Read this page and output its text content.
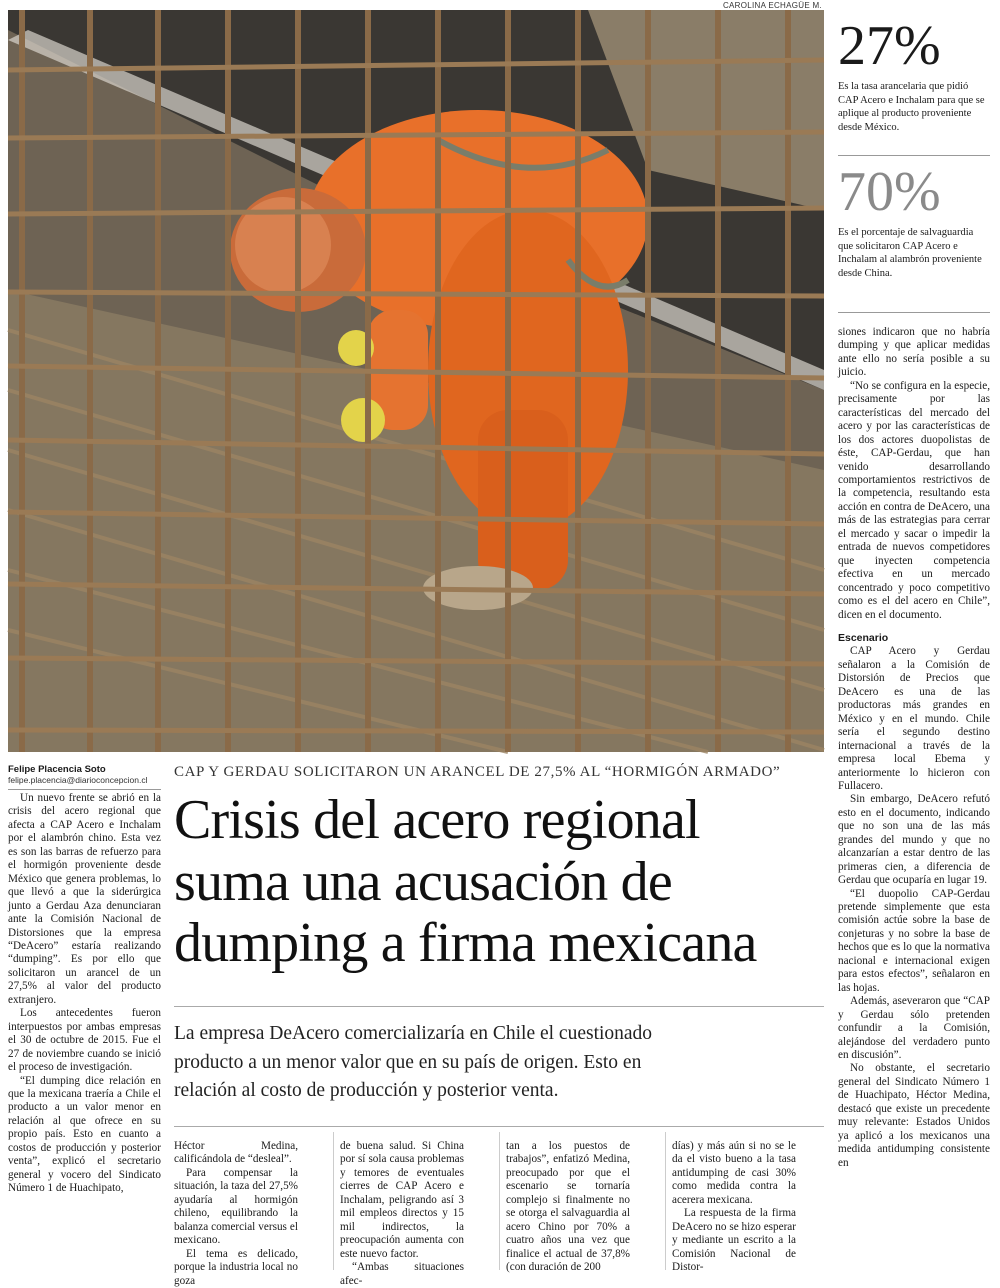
CAROLINA ECHAGÜE M.
27%
Es la tasa arancelaria que pidió CAP Acero e Inchalam para que se aplique al producto proveniente desde México.
70%
Es el porcentaje de salvaguardia que solicitaron CAP Acero e Inchalam al alambrón proveniente desde China.
Felipe Placencia Soto
felipe.placencia@diarioconcepcion.cl	CAP Y GERDAU SOLICITARON UN ARANCEL DE 27,5% AL “HORMIGÓN ARMADO”
Crisis del acero regional
suma una acusación de
dumping a firma mexicana

La empresa DeAcero comercializaría en Chile el cuestionado
producto a un menor valor que en su país de origen. Esto en
relación al costo de producción y posterior venta.

Un nuevo frente se abrió en la crisis del acero regional que afecta a CAP Acero e Inchalam por el alambrón chino. Esta vez es son las barras de refuerzo para el hormigón proveniente desde México que genera problemas, lo que llevó a que la siderúrgica junto a Gerdau Aza denunciaran ante la Comisión Nacional de Distorsiones que la empresa “DeAcero” estaría realizando “dumping”. Es por ello que solicitaron un arancel de un 27,5% al valor del producto extranjero.

Los antecedentes fueron interpuestos por ambas empresas el 30 de octubre de 2015. Fue el 27 de noviembre cuando se inició el proceso de investigación.

“El dumping dice relación en que la mexicana traería a Chile el producto a un valor menor en relación al que ofrece en su propio país. Esto en cuanto a costos de producción y posterior venta”, explicó el secretario general y vocero del Sindicato Número 1 de Huachipato,

Héctor Medina, calificándola de “desleal”.

Para compensar la situación, la taza del 27,5% ayudaría al hormigón chileno, equilibrando la balanza comercial versus el mexicano.

El tema es delicado, porque la industria local no goza

de buena salud. Si China por sí sola causa problemas y temores de eventuales cierres de CAP Acero e Inchalam, peligrando así 3 mil empleos directos y 15 mil indirectos, la preocupación aumenta con este nuevo factor.

“Ambas situaciones afec-

tan a los puestos de trabajos”, enfatizó Medina, preocupado por que el escenario se tornaría complejo si finalmente no se otorga el salvaguardia al acero Chino por 70% a cuatro años una vez que finalice el actual de 37,8% (con duración de 200

días) y más aún si no se le da el visto bueno a la tasa antidumping de casi 30% como medida contra la acerera mexicana.

La respuesta de la firma DeAcero no se hizo esperar y mediante un escrito a la Comisión Nacional de Distor-

siones indicaron que no habría dumping y que aplicar medidas ante ello no sería posible a su juicio.

“No se configura en la especie, precisamente por las características del mercado del acero y por las características de los dos actores duopolistas de éste, CAP-Gerdau, que han venido desarrollando comportamientos restrictivos de la competencia, resultando esta acción en contra de DeAcero, una más de las estrategias para cerrar el mercado y sacar o impedir la entrada de nuevos competidores que inyecten competencia efectiva en un mercado concentrado y poco competitivo como es el del acero en Chile”, dicen en el documento.

Escenario

CAP Acero y Gerdau señalaron a la Comisión de Distorsión de Precios que DeAcero es una de las productoras más grandes en México y en el mundo. Chile sería el segundo destino internacional a través de la empresa local Ebema y anteriormente lo hicieron con Fullacero.

Sin embargo, DeAcero refutó esto en el documento, indicando que no son una de las más grandes del mundo y que no alcanzarían a estar dentro de las primeras cien, a diferencia de Gerdau que ocuparía en lugar 19.

“El duopolio CAP-Gerdau pretende simplemente que esta comisión actúe sobre la base de conjeturas y no sobre la base de hechos que es lo que la normativa nacional e internacional exigen para estos efectos”, señalaron en las hojas.

Además, aseveraron que “CAP y Gerdau sólo pretenden confundir a la Comisión, alejándose del verdadero punto en discusión”.

No obstante, el secretario general del Sindicato Número 1 de Huachipato, Héctor Medina, destacó que existe un precedente muy relevante: Estados Unidos ya aplicó a los mexicanos una medida antidumping consistente en
